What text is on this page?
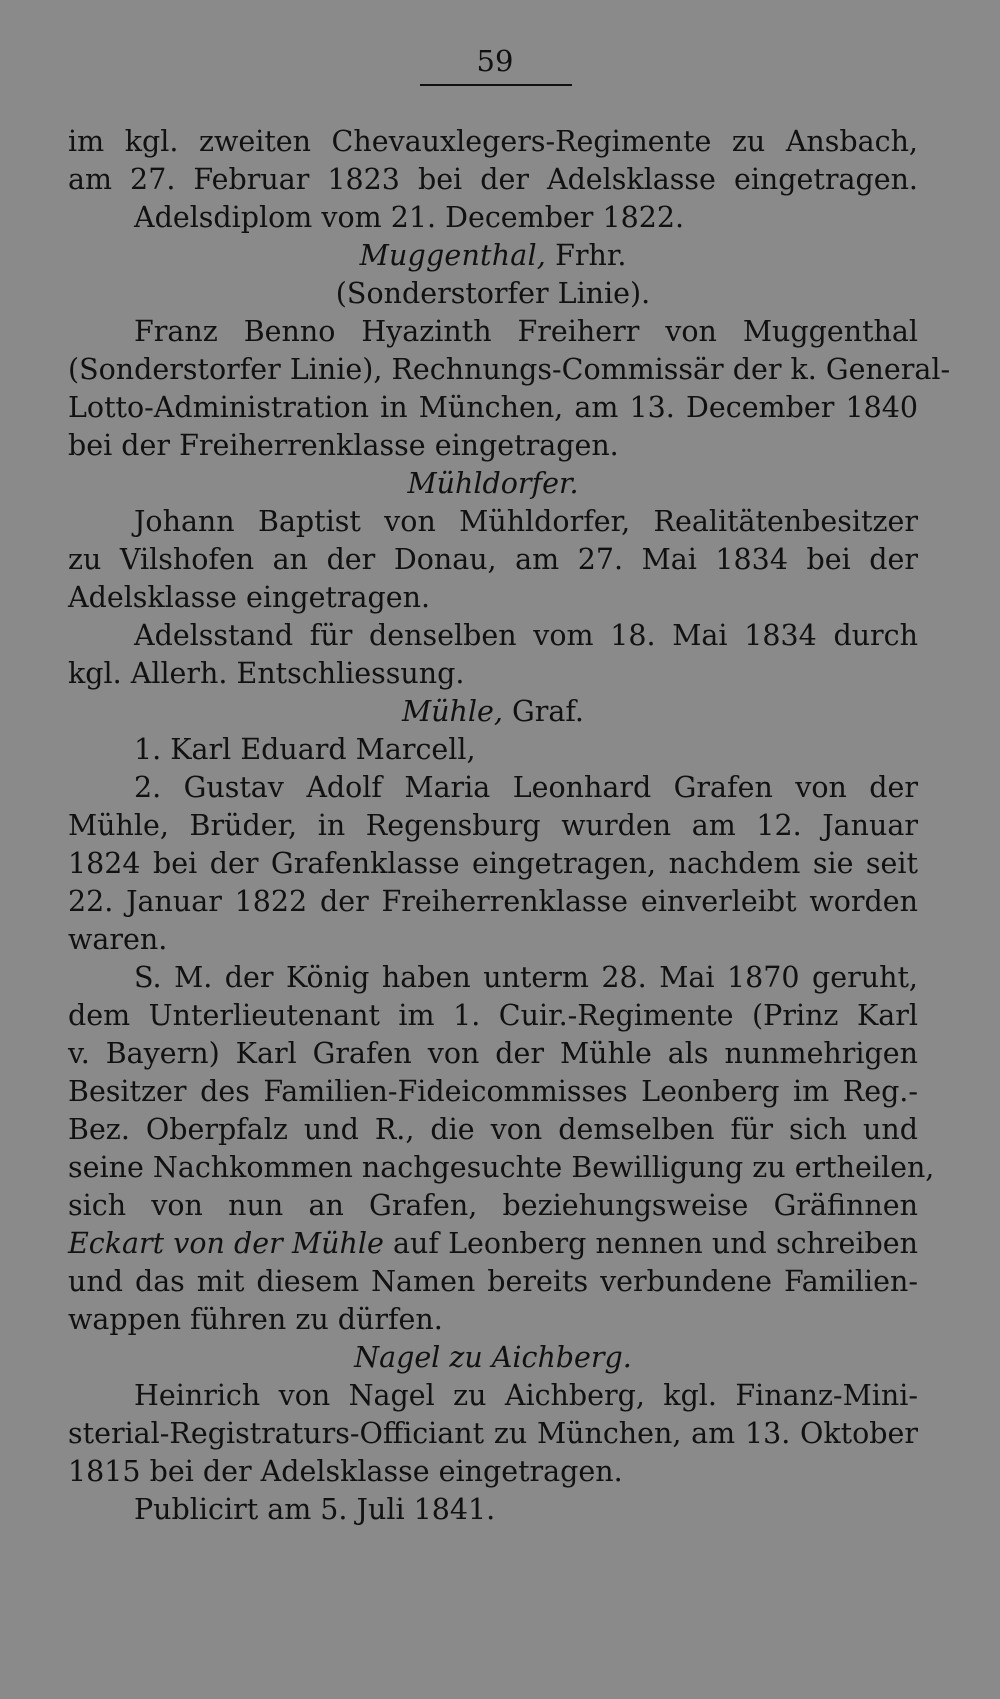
59
im kgl. zweiten Chevauxlegers-Regimente zu Ansbach,
am 27. Februar 1823 bei der Adelsklasse eingetragen.
Adelsdiplom vom 21. December 1822.
Muggenthal, Frhr.
(Sonderstorfer Linie).
Franz Benno Hyazinth Freiherr von Muggenthal
(Sonderstorfer Linie), Rechnungs-Commissär der k. General-
Lotto-Administration in München, am 13. December 1840
bei der Freiherrenklasse eingetragen.
Mühldorfer.
Johann Baptist von Mühldorfer, Realitätenbesitzer
zu Vilshofen an der Donau, am 27. Mai 1834 bei der
Adelsklasse eingetragen.
Adelsstand für denselben vom 18. Mai 1834 durch
kgl. Allerh. Entschliessung.
Mühle, Graf.
1. Karl Eduard Marcell,
2. Gustav Adolf Maria Leonhard Grafen von der
Mühle, Brüder, in Regensburg wurden am 12. Januar
1824 bei der Grafenklasse eingetragen, nachdem sie seit
22. Januar 1822 der Freiherrenklasse einverleibt worden
waren.
S. M. der König haben unterm 28. Mai 1870 geruht,
dem Unterlieutenant im 1. Cuir.-Regimente (Prinz Karl
v. Bayern) Karl Grafen von der Mühle als nunmehrigen
Besitzer des Familien-Fideicommisses Leonberg im Reg.-
Bez. Oberpfalz und R., die von demselben für sich und
seine Nachkommen nachgesuchte Bewilligung zu ertheilen,
sich von nun an Grafen, beziehungsweise Gräfinnen
Eckart von der Mühle auf Leonberg nennen und schreiben
und das mit diesem Namen bereits verbundene Familien-
wappen führen zu dürfen.
Nagel zu Aichberg.
Heinrich von Nagel zu Aichberg, kgl. Finanz-Mini-
sterial-Registraturs-Officiant zu München, am 13. Oktober
1815 bei der Adelsklasse eingetragen.
Publicirt am 5. Juli 1841.
